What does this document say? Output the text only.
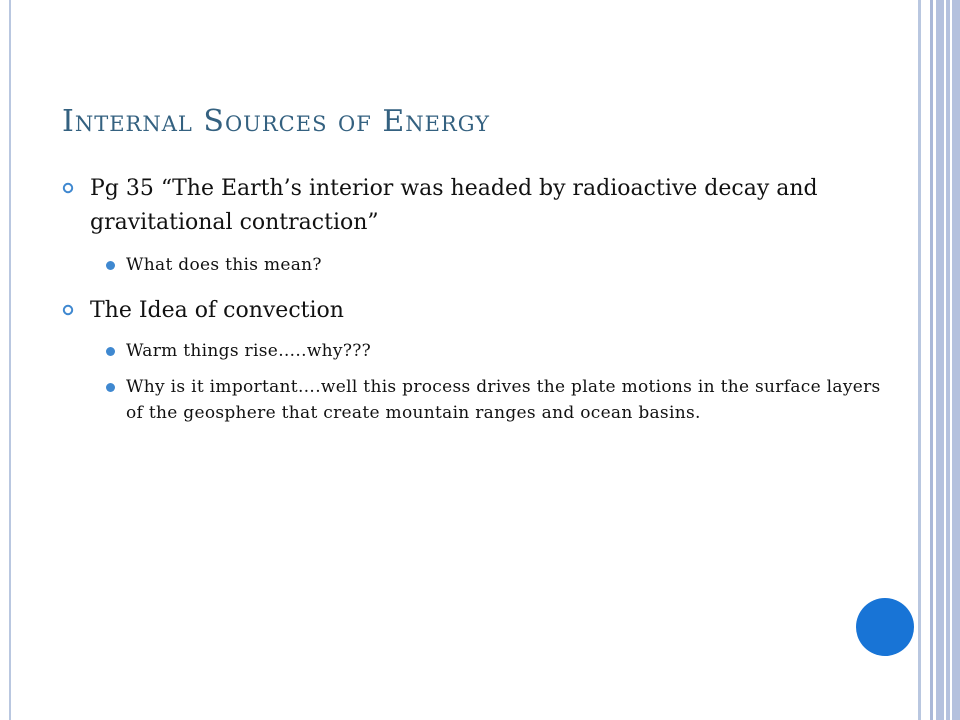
Internal Sources of Energy
Pg 35 “The Earth’s interior was headed by radioactive decay and gravitational contraction”
What does this mean?
The Idea of convection
Warm things rise…..why???
Why is it important….well this process drives the plate motions in the surface layers of the geosphere that create mountain ranges and ocean basins.
